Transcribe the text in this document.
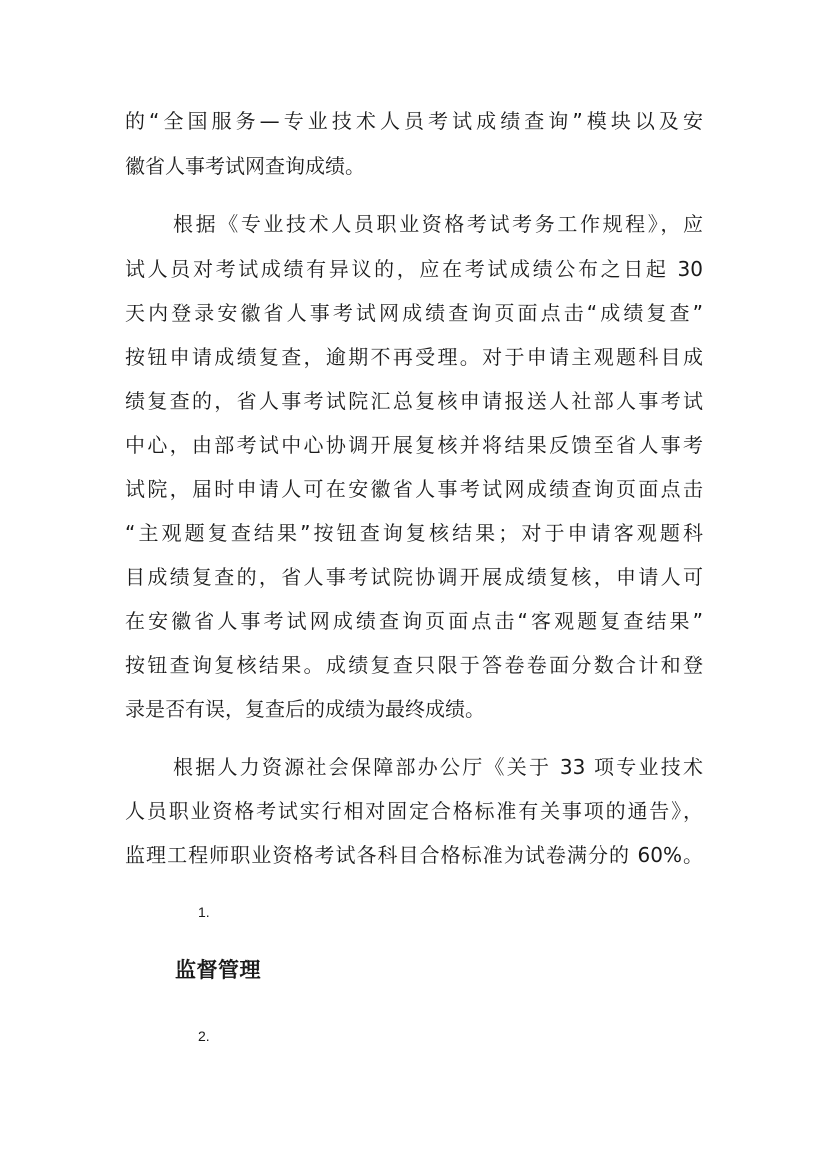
的“全国服务—专业技术人员考试成绩查询”模块以及安
徽省人事考试网查询成绩。
根据《专业技术人员职业资格考试考务工作规程》，应
试人员对考试成绩有异议的，应在考试成绩公布之日起 30
天内登录安徽省人事考试网成绩查询页面点击“成绩复查”
按钮申请成绩复查，逾期不再受理。对于申请主观题科目成
绩复查的，省人事考试院汇总复核申请报送人社部人事考试
中心，由部考试中心协调开展复核并将结果反馈至省人事考
试院，届时申请人可在安徽省人事考试网成绩查询页面点击
“主观题复查结果”按钮查询复核结果；对于申请客观题科
目成绩复查的，省人事考试院协调开展成绩复核，申请人可
在安徽省人事考试网成绩查询页面点击“客观题复查结果”
按钮查询复核结果。成绩复查只限于答卷卷面分数合计和登
录是否有误，复查后的成绩为最终成绩。
根据人力资源社会保障部办公厅《关于 33 项专业技术
人员职业资格考试实行相对固定合格标准有关事项的通告》，
监理工程师职业资格考试各科目合格标准为试卷满分的 60%。
1.
监督管理
2.
